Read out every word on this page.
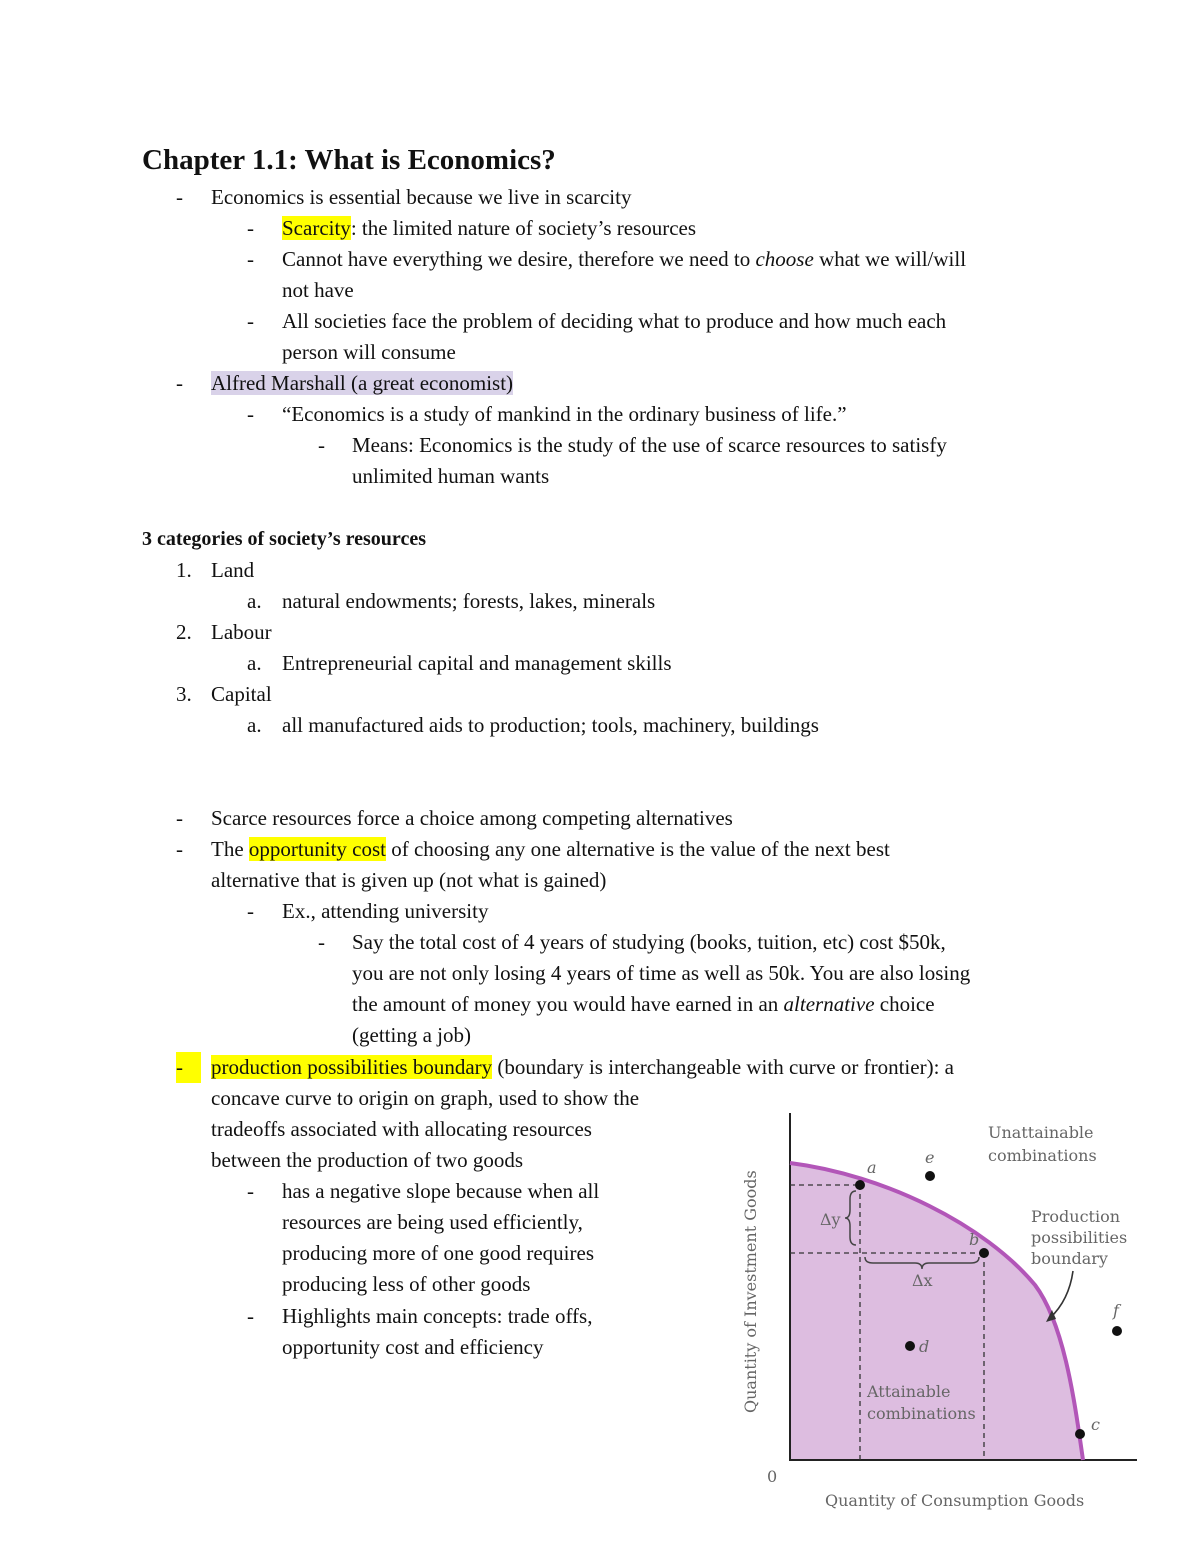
Chapter 1.1: What is Economics?
- Economics is essential because we live in scarcity
- Scarcity: the limited nature of society’s resources
- Cannot have everything we desire, therefore we need to choose what we will/will
not have
- All societies face the problem of deciding what to produce and how much each
person will consume
- Alfred Marshall (a great economist)
- “Economics is a study of mankind in the ordinary business of life.”
- Means: Economics is the study of the use of scarce resources to satisfy
unlimited human wants
3 categories of society’s resources
1. Land
a. natural endowments; forests, lakes, minerals
2. Labour
a. Entrepreneurial capital and management skills
3. Capital
a. all manufactured aids to production; tools, machinery, buildings
- Scarce resources force a choice among competing alternatives
- The opportunity cost of choosing any one alternative is the value of the next best
alternative that is given up (not what is gained)
- Ex., attending university
- Say the total cost of 4 years of studying (books, tuition, etc) cost $50k,
you are not only losing 4 years of time as well as 50k. You are also losing
the amount of money you would have earned in an alternative choice
(getting a job)
-	production possibilities boundary (boundary is interchangeable with curve or frontier): a
concave curve to origin on graph, used to show the
tradeoffs associated with allocating resources
between the production of two goods
- has a negative slope because when all
resources are being used efficiently,
producing more of one good requires
producing less of other goods
- Highlights main concepts: trade offs,
opportunity cost and efficiency
Δy
Δx
a
b
c
d
e
f
Unattainable
combinations
Attainable
combinations
Production
possibilities
boundary
Quantity of Investment Goods
Quantity of Consumption Goods
0
